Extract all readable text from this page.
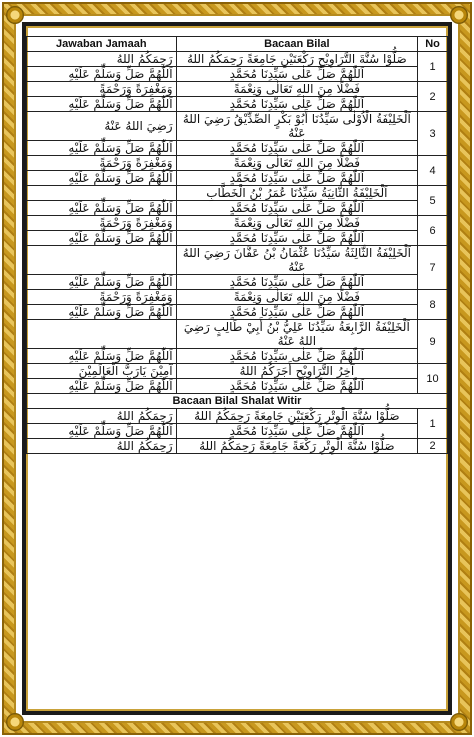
Jawaban Jamaah	Bacaan Bilal	No
رَحِمَكُمُ اللهُ	صَلُّوْا سُنَّةَ التَّرَاوِيْحِ رَكْعَتَيْنِ جَامِعَةً رَحِمَكُمُ اللهُ	1
اَللّٰهُمَّ صَلِّ وَسَلِّمْ عَلَيْهِ	اَللّٰهُمَّ صَلِّ عَلٰى سَيِّدِنَا مُحَمَّدٍ	
وَمَغْفِرَةً وَرَحْمَةً	فَضْلًا مِنَ اللهِ تَعَالٰى وَنِعْمَةً	2
اَللّٰهُمَّ صَلِّ وَسَلِّمْ عَلَيْهِ	اَللّٰهُمَّ صَلِّ عَلٰى سَيِّدِنَا مُحَمَّدٍ	
رَضِيَ اللهُ عَنْهُ	اَلْخَلِيْفَةُ الْاُوْلٰى سَيِّدُنَا أَبُوْ بَكْرٍ الصِّدِّيْقُ رَضِيَ اللهُ عَنْهُ	3
اَللّٰهُمَّ صَلِّ وَسَلِّمْ عَلَيْهِ	اَللّٰهُمَّ صَلِّ عَلٰى سَيِّدِنَا مُحَمَّدٍ	
وَمَغْفِرَةً وَرَحْمَةً	فَضْلًا مِنَ اللهِ تَعَالٰى وَنِعْمَةً	4
اَللّٰهُمَّ صَلِّ وَسَلِّمْ عَلَيْهِ	اَللّٰهُمَّ صَلِّ عَلٰى سَيِّدِنَا مُحَمَّدٍ	
	اَلْخَلِيْفَةُ الثَّانِيَةُ سَيِّدُنَا عُمَرُ بْنُ الْخَطَّابِ	5
اَللّٰهُمَّ صَلِّ وَسَلِّمْ عَلَيْهِ	اَللّٰهُمَّ صَلِّ عَلٰى سَيِّدِنَا مُحَمَّدٍ	
وَمَغْفِرَةً وَرَحْمَةً	فَضْلًا مِنَ اللهِ تَعَالٰى وَنِعْمَةً	6
اَللّٰهُمَّ صَلِّ وَسَلِّمْ عَلَيْهِ	اَللّٰهُمَّ صَلِّ عَلٰى سَيِّدِنَا مُحَمَّدٍ	
	اَلْخَلِيْفَةُ الثَّالِثَةُ سَيِّدُنَا عُثْمَانُ بْنُ عَفَّانَ رَضِيَ اللهُ عَنْهُ	7
اَللّٰهُمَّ صَلِّ وَسَلِّمْ عَلَيْهِ	اَللّٰهُمَّ صَلِّ عَلٰى سَيِّدِنَا مُحَمَّدٍ	
وَمَغْفِرَةً وَرَحْمَةً	فَضْلًا مِنَ اللهِ تَعَالٰى وَنِعْمَةً	8
اَللّٰهُمَّ صَلِّ وَسَلِّمْ عَلَيْهِ	اَللّٰهُمَّ صَلِّ عَلٰى سَيِّدِنَا مُحَمَّدٍ	
	اَلْخَلِيْفَةُ الرَّابِعَةُ سَيِّدُنَا عَلِيُّ بْنُ أَبِيْ طَالِبٍ رَضِيَ اللهُ عَنْهُ	9
اَللّٰهُمَّ صَلِّ وَسَلِّمْ عَلَيْهِ	اَللّٰهُمَّ صَلِّ عَلٰى سَيِّدِنَا مُحَمَّدٍ	
آمِيْنَ يَارَبَّ الْعَالَمِيْنَ	آخِرُ التَّرَاوِيْحِ أَجَرَكُمُ اللهُ	10
اَللّٰهُمَّ صَلِّ وَسَلِّمْ عَلَيْهِ	اَللّٰهُمَّ صَلِّ عَلٰى سَيِّدِنَا مُحَمَّدٍ	
Bacaan Bilal Shalat Witir		
رَحِمَكُمُ اللهُ	صَلُّوْا سُنَّةَ الْوِتْرِ رَكْعَتَيْنِ جَامِعَةً رَحِمَكُمُ اللهُ	1
اَللّٰهُمَّ صَلِّ وَسَلِّمْ عَلَيْهِ	اَللّٰهُمَّ صَلِّ عَلٰى سَيِّدِنَا مُحَمَّدٍ	
رَحِمَكُمُ اللهُ	صَلُّوْا سُنَّةَ الْوِتْرِ رَكْعَةً جَامِعَةً رَحِمَكُمُ اللهُ	2
